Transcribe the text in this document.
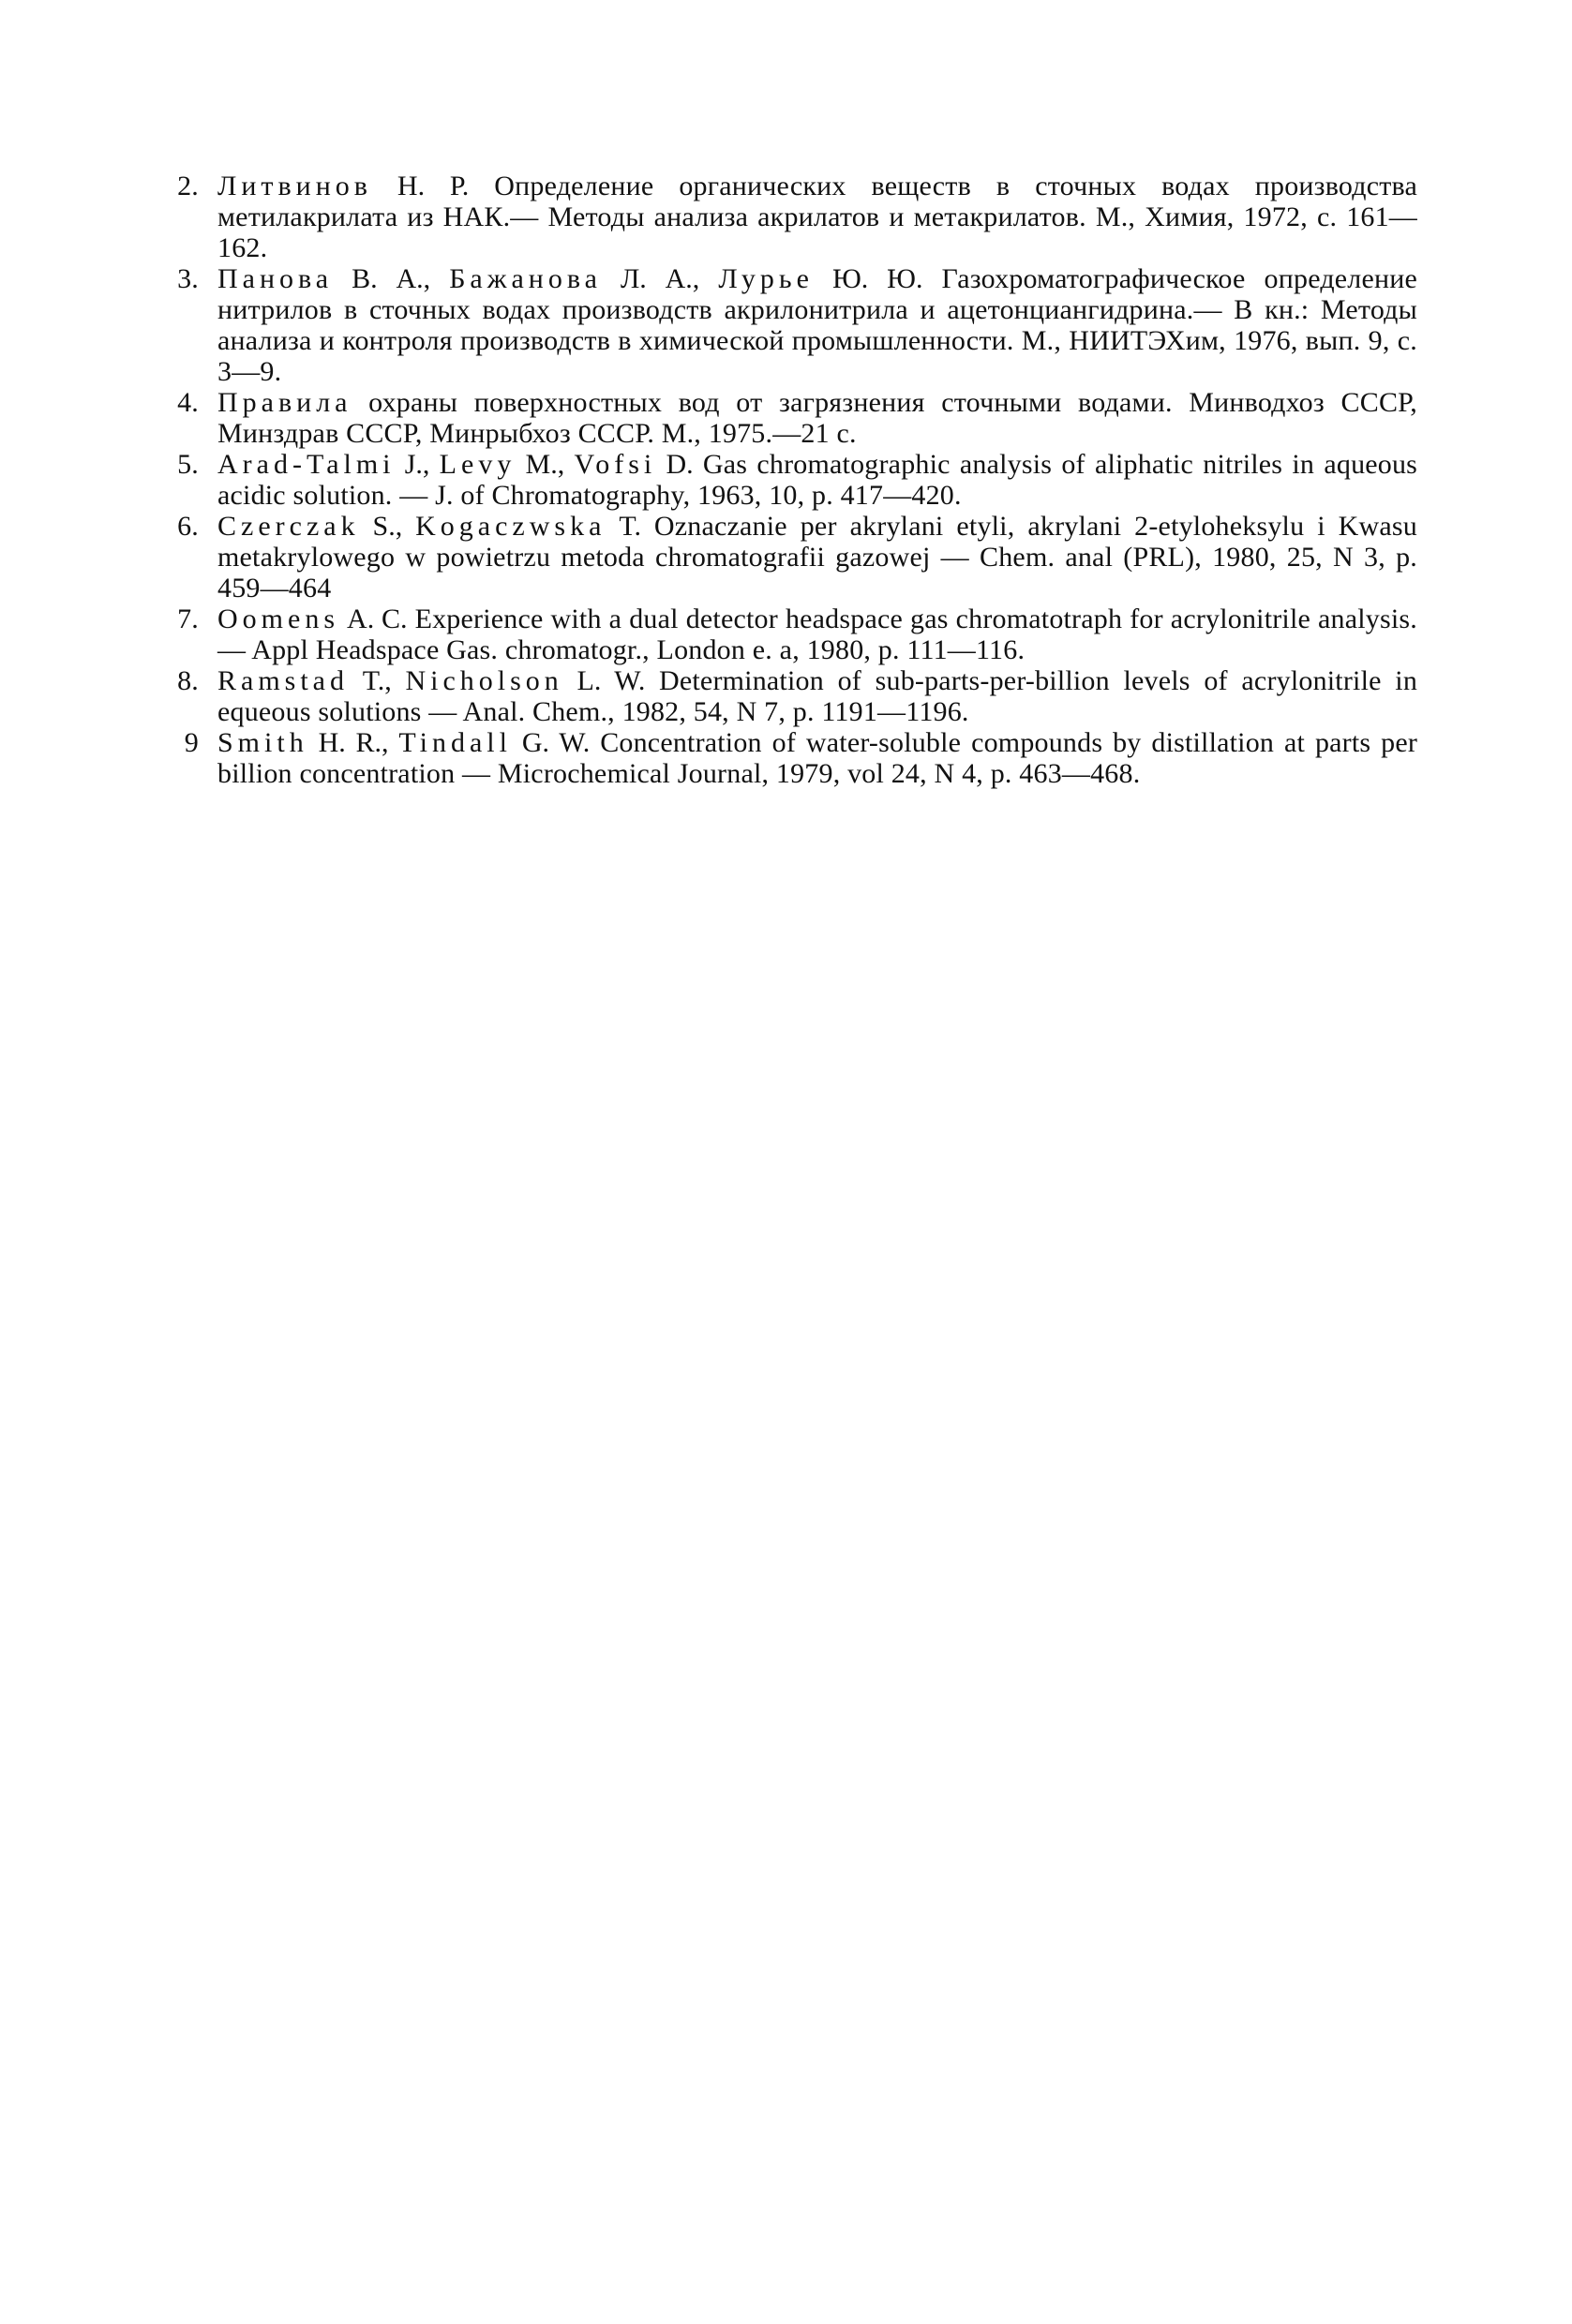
2. Литвинов Н. Р. Определение органических веществ в сточных водах производства метилакрилата из НАК.— Методы анализа акрилатов и метакрилатов. М., Химия, 1972, с. 161—162.

3. Панова В. А., Бажанова Л. А., Лурье Ю. Ю. Газохроматографическое определение нитрилов в сточных водах производств акрилонитрила и ацетонциангидрина.— В кн.: Методы анализа и контроля производств в химической промышленности. М., НИИТЭХим, 1976, вып. 9, с. 3—9.

4. Правила охраны поверхностных вод от загрязнения сточными водами. Минводхоз СССР, Минздрав СССР, Минрыбхоз СССР. М., 1975.—21 с.

5. Arad-Talmi J., Levy M., Vofsi D. Gas chromatographic analysis of aliphatic nitriles in aqueous acidic solution. — J. of Chromatography, 1963, 10, p. 417—420.

6. Czerczak S., Kogaczwska T. Oznaczanie per akrylani etyli, akrylani 2-etyloheksylu i Kwasu metakrylowego w powietrzu metoda chromatografii gazowej — Chem. anal (PRL), 1980, 25, N 3, p. 459—464

7. Oomens A. C. Experience with a dual detector headspace gas chromatotraph for acrylonitrile analysis. — Appl Headspace Gas. chromatogr., London e. a, 1980, p. 111—116.

8. Ramstad T., Nicholson L. W. Determination of sub-parts-per-billion levels of acrylonitrile in equeous solutions — Anal. Chem., 1982, 54, N 7, p. 1191—1196.

9 Smith H. R., Tindall G. W. Concentration of water-soluble compounds by distillation at parts per billion concentration — Microchemical Journal, 1979, vol 24, N 4, p. 463—468.
